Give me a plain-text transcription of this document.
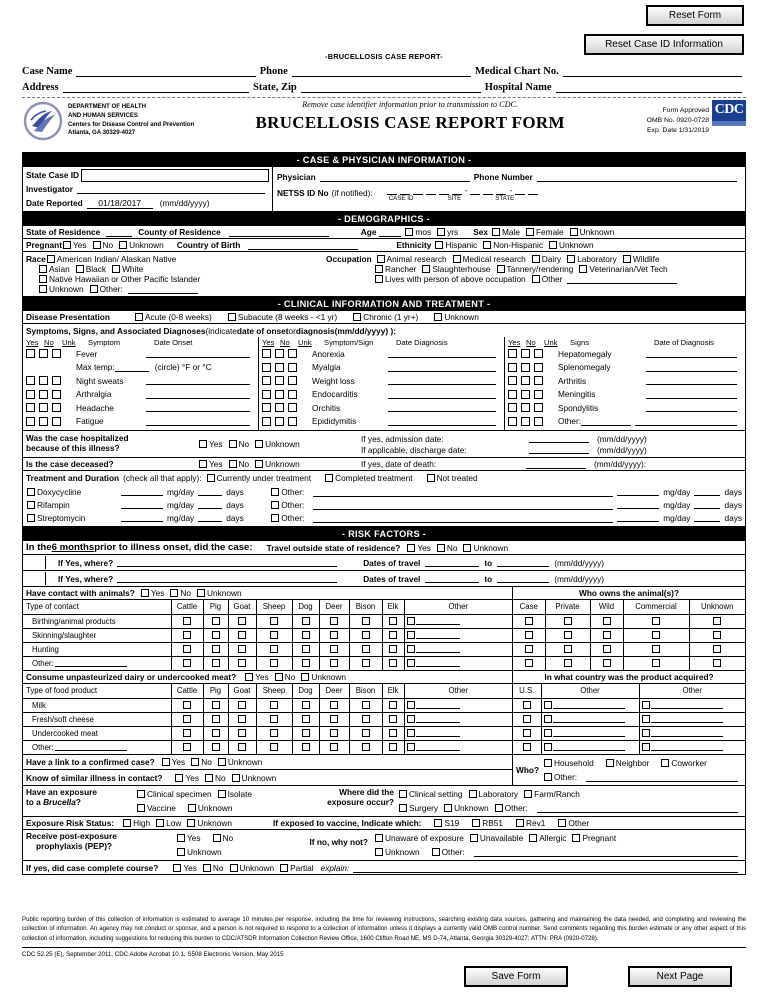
Reset Form
Reset Case ID Information
-BRUCELLOSIS CASE REPORT-
Case Name	Phone	Medical Chart No.
Address	State, Zip	Hospital Name
DEPARTMENT OF HEALTH
AND HUMAN SERVICES
Centers for Disease Control and Prevention
Atlanta, GA 30329-4027
Remove case identifier information prior to transmission to CDC.
BRUCELLOSIS CASE REPORT FORM
Form Approved
OMB No. 0920-0728
Exp. Date 1/31/2019
CDC
- CASE & PHYSICIAN INFORMATION -
State Case ID
Investigator
Date Reported	01/18/2017	(mm/dd/yyyy)
Physician	Phone Number
NETSS ID No (if notified):	-	-
CASE ID	SITE	STATE
- DEMOGRAPHICS -
State of Residence	County of Residence	Age	mos yrs Sex Male Female Unknown
Pregnant Yes No Unknown Country of Birth	Ethnicity Hispanic Non-Hispanic Unknown
Race American Indian/ Alaskan Native
Asian Black White
Native Hawaiian or Other Pacific Islander
Unknown Other:
Occupation Animal research Medical research Dairy Laboratory Wildlife
Rancher Slaughterhouse Tannery/rendering Veterinarian/Vet Tech
Lives with person of above occupation Other
- CLINICAL INFORMATION AND TREATMENT -
Disease Presentation	Acute (0-8 weeks)	Subacute (8 weeks - <1 yr)	Chronic (1 yr+)	Unknown
Symptoms, Signs, and Associated Diagnoses (indicate date of onset or diagnosis (mm/dd/yyyy) ):
Yes No	Unk	Symptom	Date Onset
Fever
Max temp:	(circle) °F or °C
Night sweats
Arthralgia
Headache
Fatigue
Yes No	Unk	Symptom/Sign	Date Diagnosis
Anorexia
Myalgia
Weight loss
Endocarditis
Orchitis
Epididymitis
Yes No	Unk	Signs	Date of Diagnosis
Hepatomegaly
Splenomegaly
Arthritis
Meningitis
Spondylitis
Other:
Was the case hospitalized
because of this illness?	Yes No Unknown
If yes, admission date:	(mm/dd/yyyy)
If applicable, discharge date:	(mm/dd/yyyy)
Is the case deceased?	Yes No Unknown	If yes, date of death:	(mm/dd/yyyy):
Treatment and Duration (check all that apply): Currently under treatment	Completed treatment	Not treated
Doxycycline	mg/day	days	Other:	mg/day	days
Rifampin	mg/day	days	Other:	mg/day	days
Streptomycin	mg/day	days	Other:	mg/day	days
- RISK FACTORS -
In the 6 months prior to illness onset, did the case: Travel outside state of residence? Yes No Unknown
If Yes, where?	Dates of travel	to	(mm/dd/yyyy)
If Yes, where?	Dates of travel	to	(mm/dd/yyyy)
Have contact with animals? Yes No Unknown	Who owns the animal(s)?
Type of contact	Cattle	Pig	Goat	Sheep	Dog	Deer	Bison	Elk	Other
Birthing/animal products									
Skinning/slaughter									
Hunting									
Other:									
Case	Private	Wild	Commercial	Unknown

Consume unpasteurized dairy or undercooked meat? Yes No Unknown	In what country was the product acquired?
Type of food product	Cattle	Pig	Goat	Sheep	Dog	Deer	Bison	Elk	Other
Milk									
Fresh/soft cheese									
Undercooked meat									
Other:									
U.S.	Other	Other

Have a link to a confirmed case? Yes No Unknown
Know of similar illness in contact?	Yes No Unknown
Who?
Household	Neighbor	Coworker
Other:
Have an exposure
to a Brucella?
Clinical specimen Isolate
Vaccine	Unknown
Where did the
exposure occur?
Clinical setting Laboratory Farm/Ranch
Surgery Unknown Other:
Exposure Risk Status: High Low Unknown	If exposed to vaccine, Indicate which:	S19	RB51	Rev1	Other
Receive post-exposure
prophylaxis (PEP)?
Yes	No
Unknown
If no, why not?	Unaware of exposure Unavailable Allergic Pregnant
Unknown	Other:
If yes, did case complete course?	Yes No Unknown Partial explain:
Public reporting burden of this collection of information is estimated to average 10 minutes per response, including the time for reviewing instructions, searching existing data sources, gathering and maintaining the data needed, and completing and reviewing the collection of information. An agency may not conduct or sponsor, and a person is not required to respond to a collection of information unless it displays a currently valid OMB control number. Send comments regarding this burden estimate or any other aspect of this collection of information, including suggestions for reducing this burden to CDC/ATSDR Information Collection Review Office, 1600 Clifton Road NE, MS D-74, Atlanta, Georgia 30329-4027; ATTN: PRA (0920-0728).
CDC 52.25 (E), September 2011, CDC Adobe Acrobat 10.1, S508 Electronic Version, May 2015
Save Form	Next Page
